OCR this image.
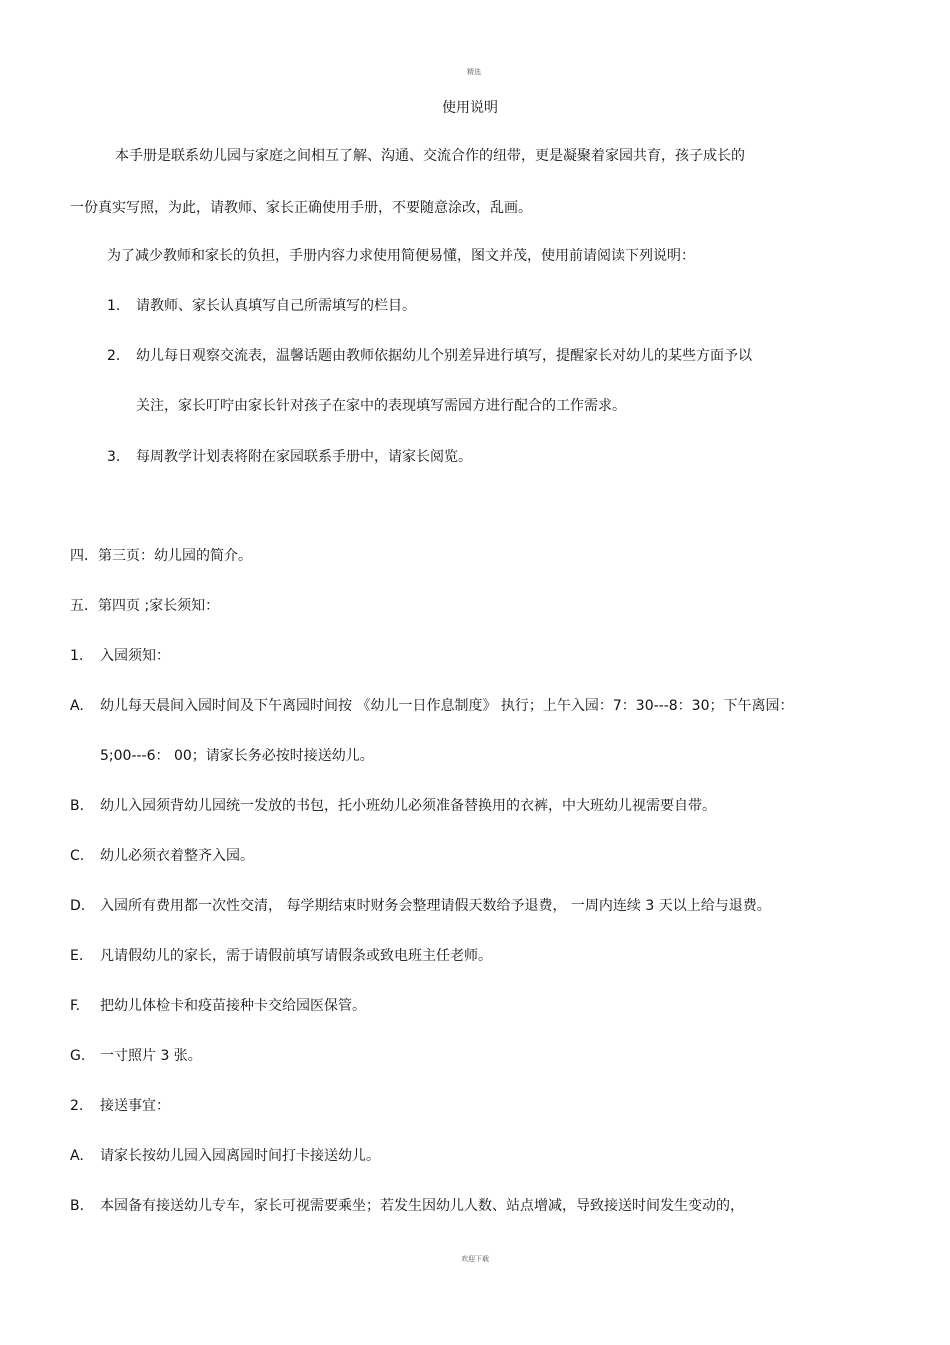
精选
欢迎下载
使用说明
本手册是联系幼儿园与家庭之间相互了解、沟通、交流合作的纽带，更是凝聚着家园共育，孩子成长的
一份真实写照，为此，请教师、家长正确使用手册，不要随意涂改，乱画。
为了减少教师和家长的负担，手册内容力求使用简便易懂，图文并茂，使用前请阅读下列说明：
1. 请教师、家长认真填写自己所需填写的栏目。
2. 幼儿每日观察交流表，温馨话题由教师依据幼儿个别差异进行填写，提醒家长对幼儿的某些方面予以
关注，家长叮咛由家长针对孩子在家中的表现填写需园方进行配合的工作需求。
3. 每周教学计划表将附在家园联系手册中，请家长阅览。
四．第三页：幼儿园的简介。
五．第四页 ;家长须知：
1. 入园须知：
A. 幼儿每天晨间入园时间及下午离园时间按 《幼儿一日作息制度》 执行；上午入园：7：30---8：30；下午离园：
5;00---6： 00；请家长务必按时接送幼儿。
B. 幼儿入园须背幼儿园统一发放的书包，托小班幼儿必须准备替换用的衣裤，中大班幼儿视需要自带。
C. 幼儿必须衣着整齐入园。
D. 入园所有费用都一次性交清， 每学期结束时财务会整理请假天数给予退费， 一周内连续 3 天以上给与退费。
E. 凡请假幼儿的家长，需于请假前填写请假条或致电班主任老师。
F. 把幼儿体检卡和疫苗接种卡交给园医保管。
G. 一寸照片 3 张。
2. 接送事宜：
A. 请家长按幼儿园入园离园时间打卡接送幼儿。
B. 本园备有接送幼儿专车，家长可视需要乘坐；若发生因幼儿人数、站点增减，导致接送时间发生变动的，
